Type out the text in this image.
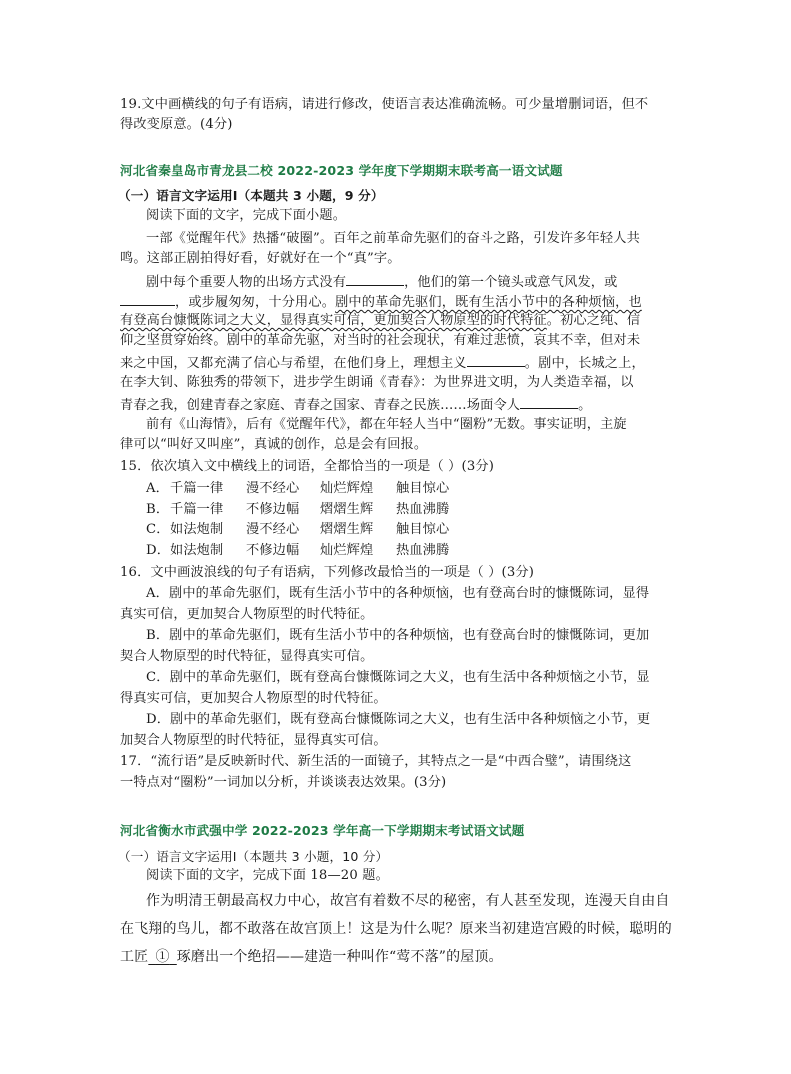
19.文中画横线的句子有语病，请进行修改，使语言表达准确流畅。可少量增删词语，但不
得改变原意。(4分)
河北省秦皇岛市青龙县二校 2022-2023 学年度下学期期末联考高一语文试题
（一）语言文字运用Ⅰ（本题共 3 小题，9 分）
阅读下面的文字，完成下面小题。
一部《觉醒年代》热播“破圈”。百年之前革命先驱们的奋斗之路，引发许多年轻人共
鸣。这部正剧拍得好看，好就好在一个“真”字。
剧中每个重要人物的出场方式没有	，他们的第一个镜头或意气风发，或
，或步履匆匆，十分用心。剧中的革命先驱们，既有生活小节中的各种烦恼，也
有登高台慷慨陈词之大义，显得真实可信，更加契合人物原型的时代特征。初心之纯、信
仰之坚贯穿始终。剧中的革命先驱，对当时的社会现状，有难过悲愤，哀其不幸，但对未
来之中国，又都充满了信心与希望，在他们身上，理想主义	。剧中，长城之上，
在李大钊、陈独秀的带领下，进步学生朗诵《青春》：为世界进文明，为人类造幸福，以
青春之我，创建青春之家庭、青春之国家、青春之民族……场面令人	。
前有《山海情》，后有《觉醒年代》，都在年轻人当中“圈粉”无数。事实证明，主旋
律可以“叫好又叫座”，真诚的创作，总是会有回报。
15．依次填入文中横线上的词语，全都恰当的一项是（ ）(3分)
A．千篇一律 漫不经心 灿烂辉煌 触目惊心
B．千篇一律 不修边幅 熠熠生辉 热血沸腾
C．如法炮制 漫不经心 熠熠生辉 触目惊心
D．如法炮制 不修边幅 灿烂辉煌 热血沸腾
16．文中画波浪线的句子有语病，下列修改最恰当的一项是（ ）(3分)
A．剧中的革命先驱们，既有生活小节中的各种烦恼，也有登高台时的慷慨陈词，显得
真实可信，更加契合人物原型的时代特征。
B．剧中的革命先驱们，既有生活小节中的各种烦恼，也有登高台时的慷慨陈词，更加
契合人物原型的时代特征，显得真实可信。
C．剧中的革命先驱们，既有登高台慷慨陈词之大义，也有生活中各种烦恼之小节，显
得真实可信，更加契合人物原型的时代特征。
D．剧中的革命先驱们，既有登高台慷慨陈词之大义，也有生活中各种烦恼之小节，更
加契合人物原型的时代特征，显得真实可信。
17．“流行语”是反映新时代、新生活的一面镜子，其特点之一是“中西合璧”，请围绕这
一特点对“圈粉”一词加以分析，并谈谈表达效果。(3分)
河北省衡水市武强中学 2022-2023 学年高一下学期期末考试语文试题
（一）语言文字运用Ⅰ（本题共 3 小题，10 分）
阅读下面的文字，完成下面 18—20 题。
作为明清王朝最高权力中心，故宫有着数不尽的秘密，有人甚至发现，连漫天自由自
在飞翔的鸟儿，都不敢落在故宫顶上！这是为什么呢？原来当初建造宫殿的时候，聪明的
工匠  ①  琢磨出一个绝招——建造一种叫作“莺不落”的屋顶。
